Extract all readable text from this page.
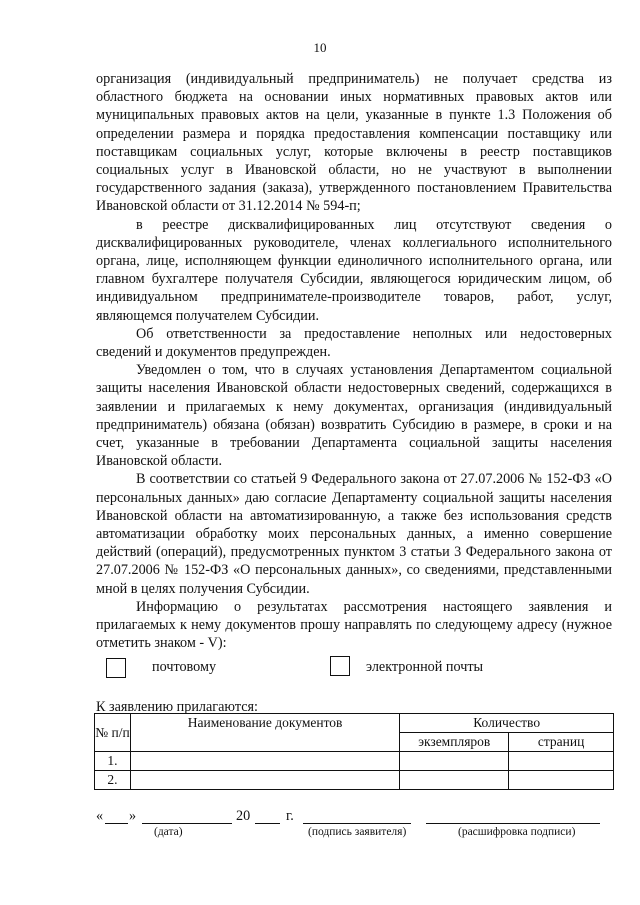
10

организация (индивидуальный предприниматель) не получает средства из областного бюджета на основании иных нормативных правовых актов или муниципальных правовых актов на цели, указанные в пункте 1.3 Положения об определении размера и порядка предоставления компенсации поставщику или поставщикам социальных услуг, которые включены в реестр поставщиков социальных услуг в Ивановской области, но не участвуют в выполнении государственного задания (заказа), утвержденного постановлением Правительства Ивановской области от 31.12.2014 № 594-п;

в реестре дисквалифицированных лиц отсутствуют сведения о дисквалифицированных руководителе, членах коллегиального исполнительного органа, лице, исполняющем функции единоличного исполнительного органа, или главном бухгалтере получателя Субсидии, являющегося юридическим лицом, об индивидуальном предпринимателе-производителе товаров, работ, услуг, являющемся получателем Субсидии.

Об ответственности за предоставление неполных или недостоверных сведений и документов предупрежден.

Уведомлен о том, что в случаях установления Департаментом социальной защиты населения Ивановской области недостоверных сведений, содержащихся в заявлении и прилагаемых к нему документах, организация (индивидуальный предприниматель) обязана (обязан) возвратить Субсидию в размере, в сроки и на счет, указанные в требовании Департамента социальной защиты населения Ивановской области.

В соответствии со статьей 9 Федерального закона от 27.07.2006 № 152-ФЗ «О персональных данных» даю согласие Департаменту социальной защиты населения Ивановской области на автоматизированную, а также без использования средств автоматизации обработку моих персональных данных, а именно совершение действий (операций), предусмотренных пунктом 3 статьи 3 Федерального закона от 27.07.2006 № 152-ФЗ «О персональных данных», со сведениями, представленными мной в целях получения Субсидии.

Информацию о результатах рассмотрения настоящего заявления и прилагаемых к нему документов прошу направлять по следующему адресу (нужное отметить знаком - V):

почтовому	электронной почты
К заявлению прилагаются:
№ п/п	Наименование документов	Количество	
		экземпляров	страниц
1.			
2.			
« »	20	г.
(дата)	(подпись заявителя)	(расшифровка подписи)
